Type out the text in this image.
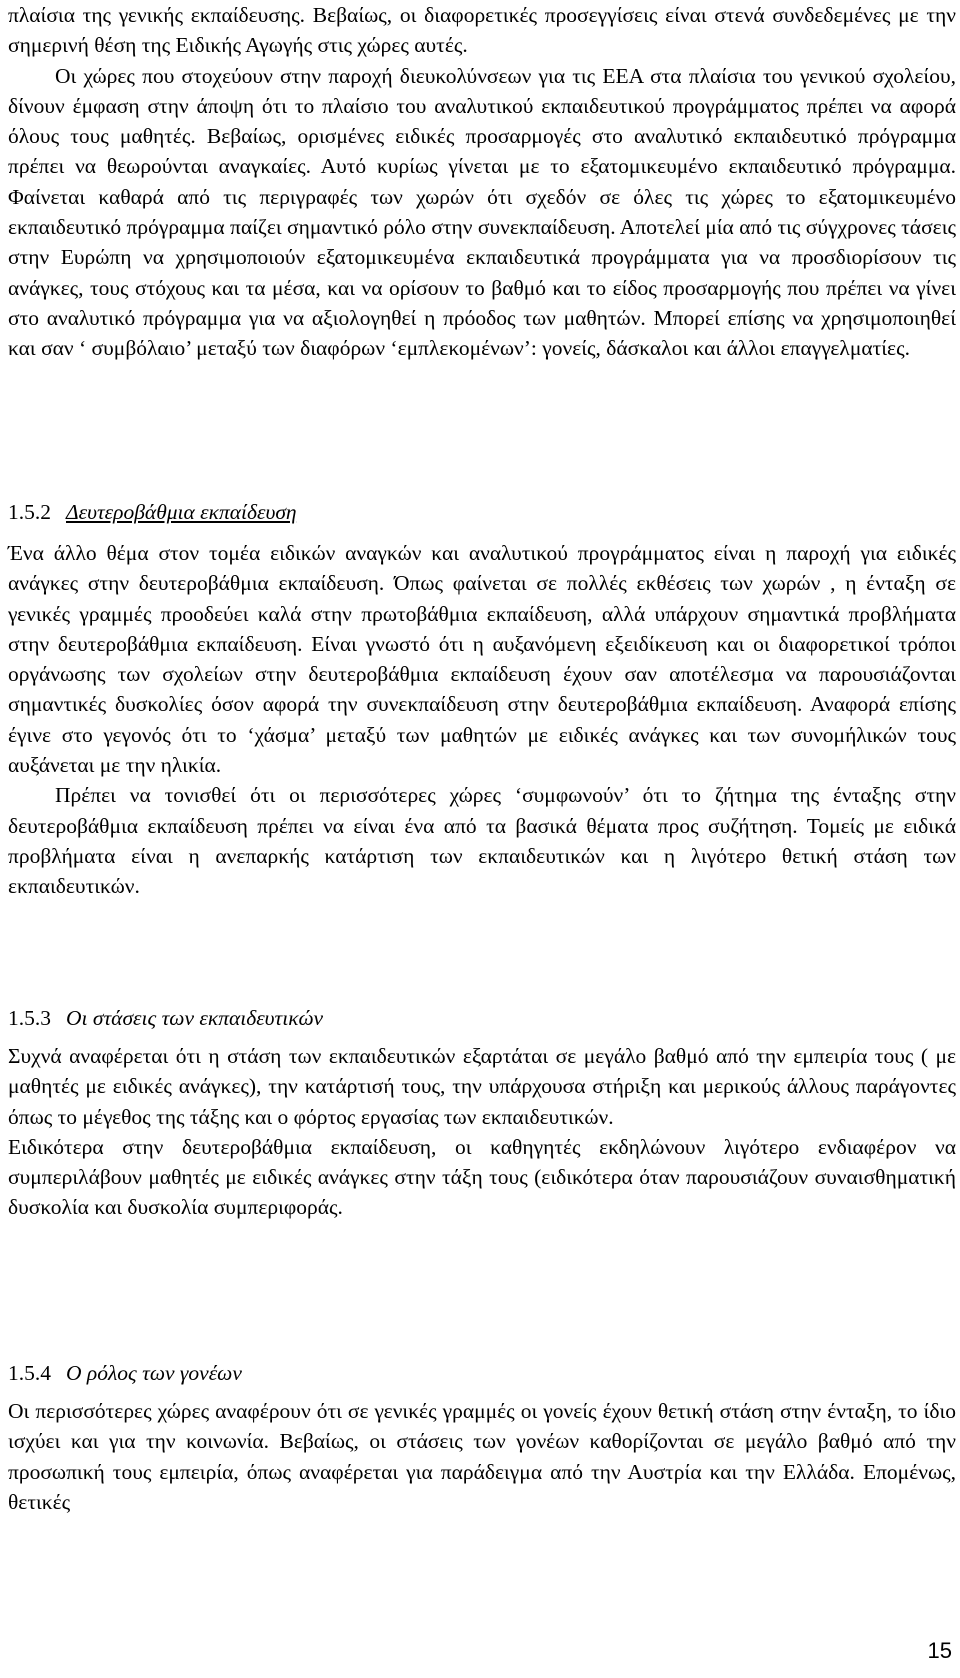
πλαίσια της γενικής εκπαίδευσης. Βεβαίως, οι διαφορετικές προσεγγίσεις είναι στενά συνδεδεμένες με την σημερινή θέση της Ειδικής Αγωγής στις χώρες αυτές.

Οι χώρες που στοχεύουν στην παροχή διευκολύνσεων για τις ΕΕΑ στα πλαίσια του γενικού σχολείου, δίνουν έμφαση στην άποψη ότι το πλαίσιο του αναλυτικού εκπαιδευτικού προγράμματος πρέπει να αφορά όλους τους μαθητές. Βεβαίως, ορισμένες ειδικές προσαρμογές στο αναλυτικό εκπαιδευτικό πρόγραμμα πρέπει να θεωρούνται αναγκαίες. Αυτό κυρίως γίνεται με το εξατομικευμένο εκπαιδευτικό πρόγραμμα. Φαίνεται καθαρά από τις περιγραφές των χωρών ότι σχεδόν σε όλες τις χώρες το εξατομικευμένο εκπαιδευτικό πρόγραμμα παίζει σημαντικό ρόλο στην συνεκπαίδευση. Αποτελεί μία από τις σύγχρονες τάσεις στην Ευρώπη να χρησιμοποιούν εξατομικευμένα εκπαιδευτικά προγράμματα για να προσδιορίσουν τις ανάγκες, τους στόχους και τα μέσα, και να ορίσουν το βαθμό και το είδος προσαρμογής που πρέπει να γίνει στο αναλυτικό πρόγραμμα για να αξιολογηθεί η πρόοδος των μαθητών. Μπορεί επίσης να χρησιμοποιηθεί και σαν ‘ συμβόλαιο’ μεταξύ των διαφόρων ‘εμπλεκομένων’: γονείς, δάσκαλοι και άλλοι επαγγελματίες.

1.5.2 Δευτεροβάθμια εκπαίδευση

Ένα άλλο θέμα στον τομέα ειδικών αναγκών και αναλυτικού προγράμματος είναι η παροχή για ειδικές ανάγκες στην δευτεροβάθμια εκπαίδευση. Όπως φαίνεται σε πολλές εκθέσεις των χωρών , η ένταξη σε γενικές γραμμές προοδεύει καλά στην πρωτοβάθμια εκπαίδευση, αλλά υπάρχουν σημαντικά προβλήματα στην δευτεροβάθμια εκπαίδευση. Είναι γνωστό ότι η αυξανόμενη εξειδίκευση και οι διαφορετικοί τρόποι οργάνωσης των σχολείων στην δευτεροβάθμια εκπαίδευση έχουν σαν αποτέλεσμα να παρουσιάζονται σημαντικές δυσκολίες όσον αφορά την συνεκπαίδευση στην δευτεροβάθμια εκπαίδευση. Αναφορά επίσης έγινε στο γεγονός ότι το ‘χάσμα’ μεταξύ των μαθητών με ειδικές ανάγκες και των συνομήλικών τους αυξάνεται με την ηλικία.

Πρέπει να τονισθεί ότι οι περισσότερες χώρες ‘συμφωνούν’ ότι το ζήτημα της ένταξης στην δευτεροβάθμια εκπαίδευση πρέπει να είναι ένα από τα βασικά θέματα προς συζήτηση. Τομείς με ειδικά προβλήματα είναι η ανεπαρκής κατάρτιση των εκπαιδευτικών και η λιγότερο θετική στάση των εκπαιδευτικών.

1.5.3 Οι στάσεις των εκπαιδευτικών

Συχνά αναφέρεται ότι η στάση των εκπαιδευτικών εξαρτάται σε μεγάλο βαθμό από την εμπειρία τους ( με μαθητές με ειδικές ανάγκες), την κατάρτισή τους, την υπάρχουσα στήριξη και μερικούς άλλους παράγοντες όπως το μέγεθος της τάξης και ο φόρτος εργασίας των εκπαιδευτικών.

Ειδικότερα στην δευτεροβάθμια εκπαίδευση, οι καθηγητές εκδηλώνουν λιγότερο ενδιαφέρον να συμπεριλάβουν μαθητές με ειδικές ανάγκες στην τάξη τους (ειδικότερα όταν παρουσιάζουν συναισθηματική δυσκολία και δυσκολία συμπεριφοράς.

1.5.4 Ο ρόλος των γονέων

Οι περισσότερες χώρες αναφέρουν ότι σε γενικές γραμμές οι γονείς έχουν θετική στάση στην ένταξη, το ίδιο ισχύει και για την κοινωνία. Βεβαίως, οι στάσεις των γονέων καθορίζονται σε μεγάλο βαθμό από την προσωπική τους εμπειρία, όπως αναφέρεται για παράδειγμα από την Αυστρία και την Ελλάδα. Επομένως, θετικές

15
